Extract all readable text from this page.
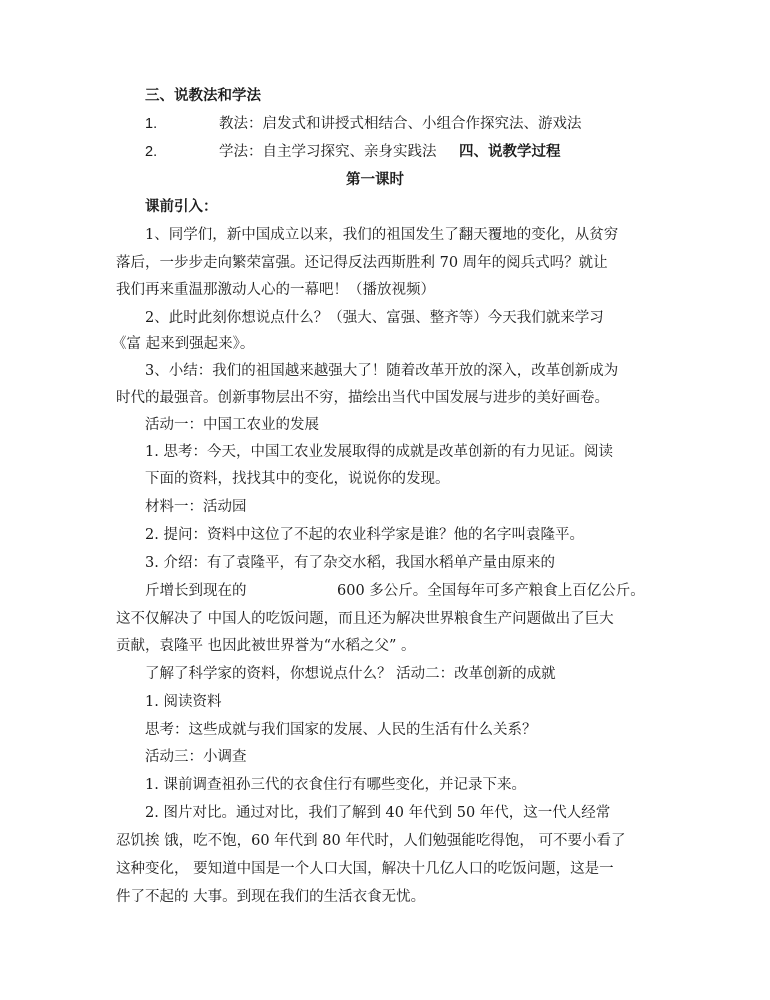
三、说教法和学法
1.	教法：启发式和讲授式相结合、小组合作探究法、游戏法
2.	学法：自主学习探究、亲身实践法 四、说教学过程
第一课时
课前引入：
1、同学们，新中国成立以来，我们的祖国发生了翻天覆地的变化，从贫穷
落后，一步步走向繁荣富强。还记得反法西斯胜利 70 周年的阅兵式吗？就让
我们再来重温那激动人心的一幕吧！（播放视频）
2、此时此刻你想说点什么？（强大、富强、整齐等）今天我们就来学习
《富 起来到强起来》。
3、小结：我们的祖国越来越强大了！随着改革开放的深入，改革创新成为
时代的最强音。创新事物层出不穷，描绘出当代中国发展与进步的美好画卷。
活动一：中国工农业的发展
1. 思考：今天，中国工农业发展取得的成就是改革创新的有力见证。阅读
下面的资料，找找其中的变化，说说你的发现。
材料一：活动园
2. 提问：资料中这位了不起的农业科学家是谁？他的名字叫袁隆平。
3. 介绍：有了袁隆平，有了杂交水稻，我国水稻单产量由原来的
斤增长到现在的	600 多公斤。全国每年可多产粮食上百亿公斤。
这不仅解决了 中国人的吃饭问题，而且还为解决世界粮食生产问题做出了巨大
贡献，袁隆平 也因此被世界誉为“水稻之父” 。
了解了科学家的资料，你想说点什么？ 活动二：改革创新的成就
1. 阅读资料
思考：这些成就与我们国家的发展、人民的生活有什么关系？
活动三：小调查
1. 课前调查祖孙三代的衣食住行有哪些变化，并记录下来。
2. 图片对比。通过对比，我们了解到 40 年代到 50 年代，这一代人经常
忍饥挨 饿，吃不饱，60 年代到 80 年代时，人们勉强能吃得饱， 可不要小看了
这种变化， 要知道中国是一个人口大国，解决十几亿人口的吃饭问题，这是一
件了不起的 大事。到现在我们的生活衣食无忧。
